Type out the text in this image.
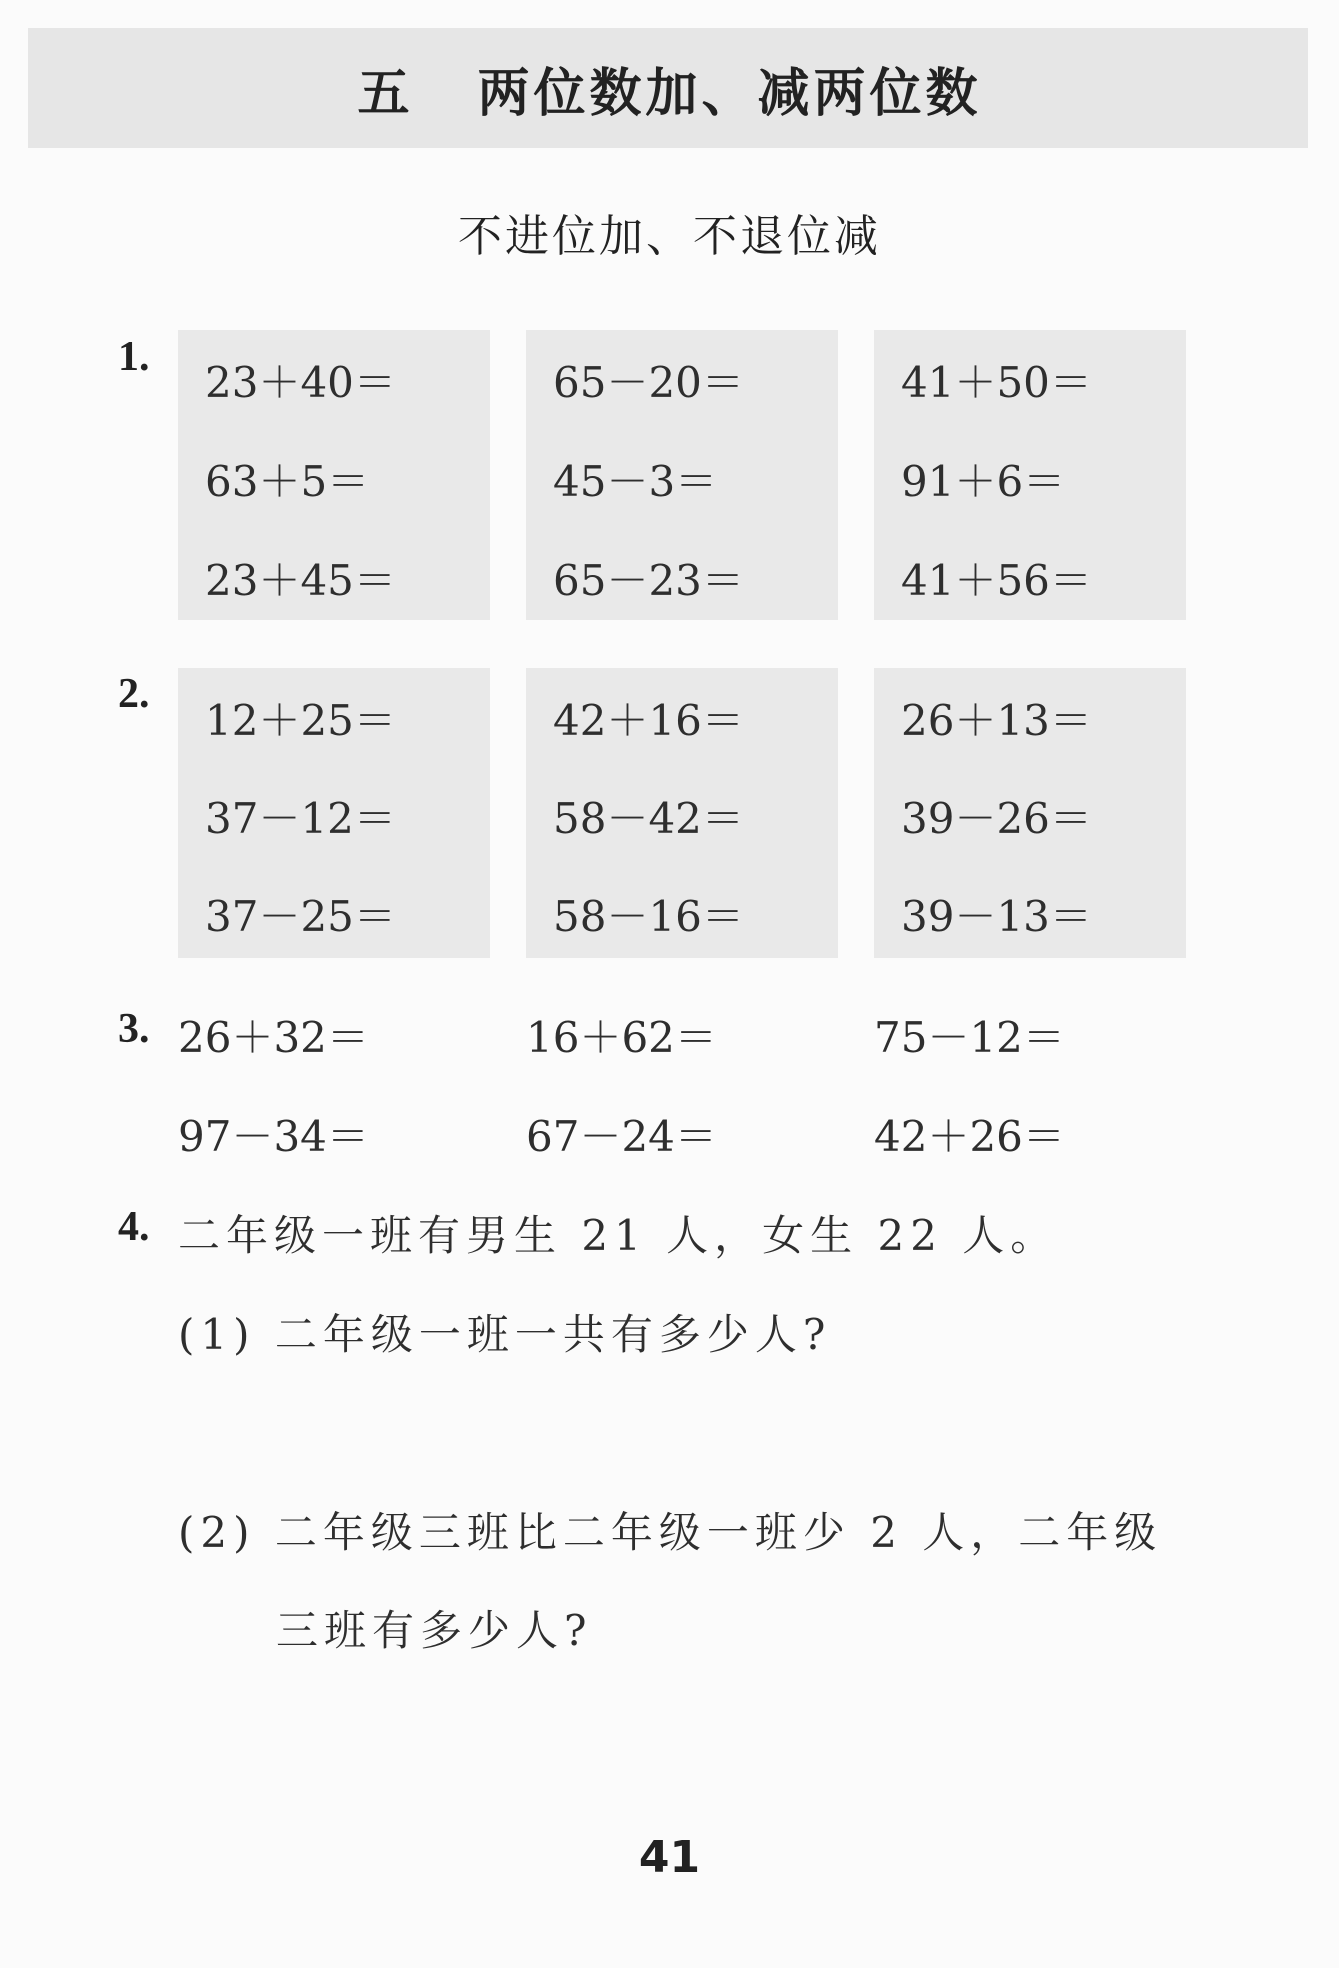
五 两位数加、减两位数
不进位加、不退位减
1.
23＋40＝
63＋5＝
23＋45＝
65－20＝
45－3＝
65－23＝
41＋50＝
91＋6＝
41＋56＝
2.
12＋25＝
37－12＝
37－25＝
42＋16＝
58－42＝
58－16＝
26＋13＝
39－26＝
39－13＝
3. 26＋32＝	16＋62＝	75－12＝
97－34＝	67－24＝	42＋26＝
4. 二年级一班有男生 21 人，女生 22 人。
(1) 二年级一班一共有多少人?
(2) 二年级三班比二年级一班少 2 人，二年级
三班有多少人?
41
